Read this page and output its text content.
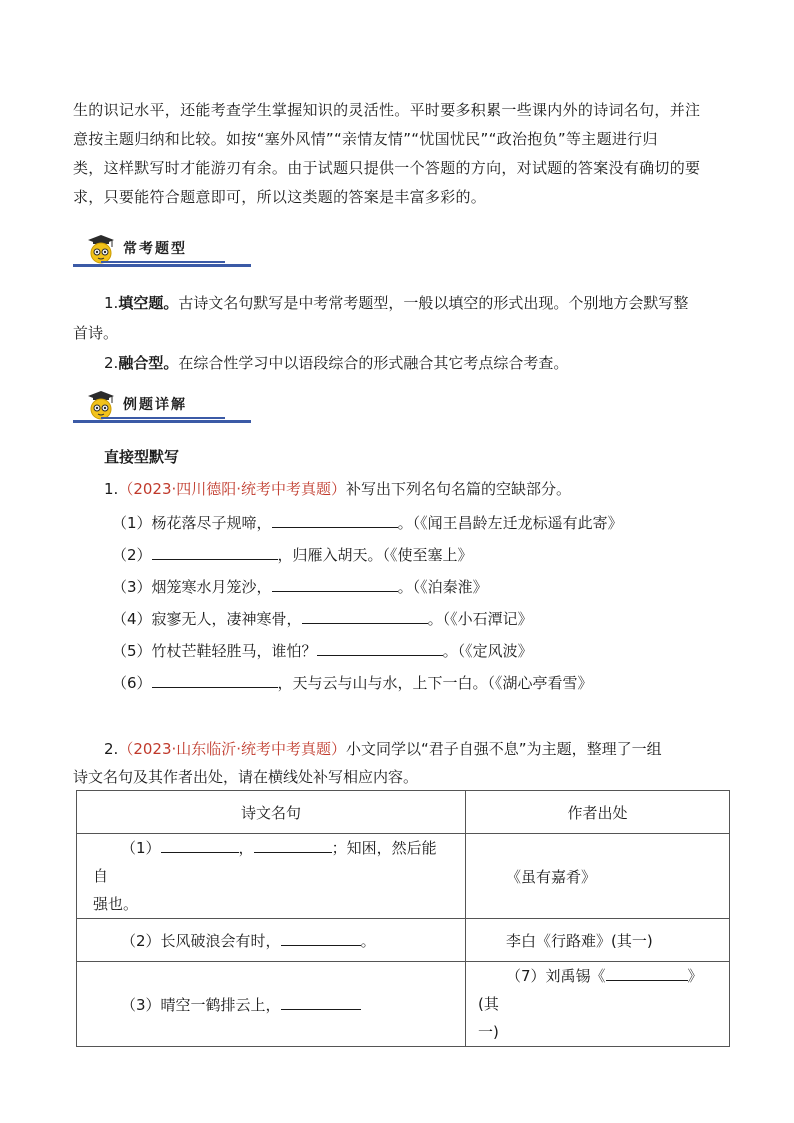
生的识记水平，还能考查学生掌握知识的灵活性。平时要多积累一些课内外的诗词名句，并注
意按主题归纳和比较。如按“塞外风情”“亲情友情”“忧国忧民”“政治抱负”等主题进行归
类，这样默写时才能游刃有余。由于试题只提供一个答题的方向，对试题的答案没有确切的要
求，只要能符合题意即可，所以这类题的答案是丰富多彩的。
常考题型
1.填空题。古诗文名句默写是中考常考题型，一般以填空的形式出现。个别地方会默写整
首诗。
2.融合型。在综合性学习中以语段综合的形式融合其它考点综合考查。
例题详解
直接型默写
1.（2023·四川德阳·统考中考真题）补写出下列名句名篇的空缺部分。
（1）杨花落尽子规啼，	。（《闻王昌龄左迁龙标遥有此寄》
（2）	，归雁入胡天。（《使至塞上》
（3）烟笼寒水月笼沙，	。（《泊秦淮》
（4）寂寥无人，凄神寒骨，	。（《小石潭记》
（5）竹杖芒鞋轻胜马，谁怕？	。（《定风波》
（6）	，天与云与山与水，上下一白。（《湖心亭看雪》
2.（2023·山东临沂·统考中考真题）小文同学以“君子自强不息”为主题，整理了一组
诗文名句及其作者出处，请在横线处补写相应内容。
诗文名句	作者出处
（1） ， ；知困，然后能自
强也。	《虽有嘉肴》
（2）长风破浪会有时， 。	李白《行路难》(其一)
（3）晴空一鹤排云上，	（7）刘禹锡《 》(其
一)
